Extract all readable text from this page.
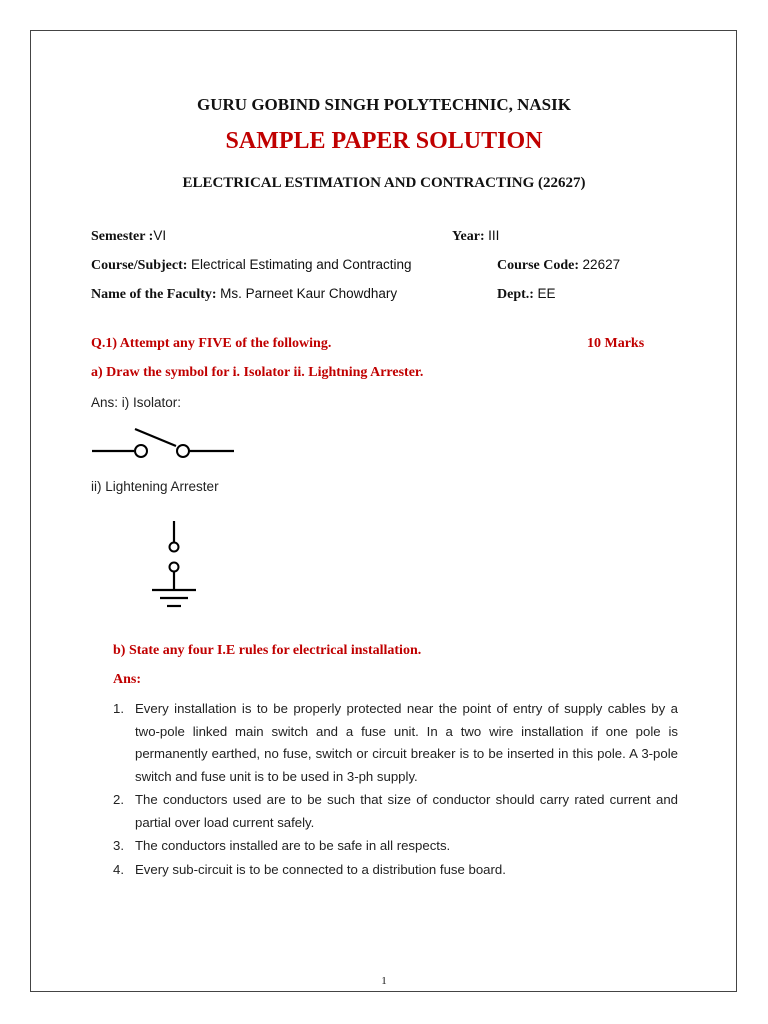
GURU GOBIND SINGH POLYTECHNIC, NASIK
SAMPLE PAPER SOLUTION
ELECTRICAL ESTIMATION AND CONTRACTING (22627)
Semester :VI	Year: III
Course/Subject: Electrical Estimating and Contracting	Course Code: 22627
Name of the Faculty: Ms. Parneet Kaur Chowdhary	Dept.: EE
Q.1) Attempt any FIVE of the following.	10 Marks
a) Draw the symbol for i. Isolator ii. Lightning Arrester.
Ans: i) Isolator:
ii) Lightening Arrester
b) State any four I.E rules for electrical installation.
Ans:
1. Every installation is to be properly protected near the point of entry of supply cables by a two-pole linked main switch and a fuse unit. In a two wire installation if one pole is permanently earthed, no fuse, switch or circuit breaker is to be inserted in this pole. A 3-pole switch and fuse unit is to be used in 3-ph supply.
2. The conductors used are to be such that size of conductor should carry rated current and partial over load current safely.
3. The conductors installed are to be safe in all respects.
4. Every sub-circuit is to be connected to a distribution fuse board.
1
